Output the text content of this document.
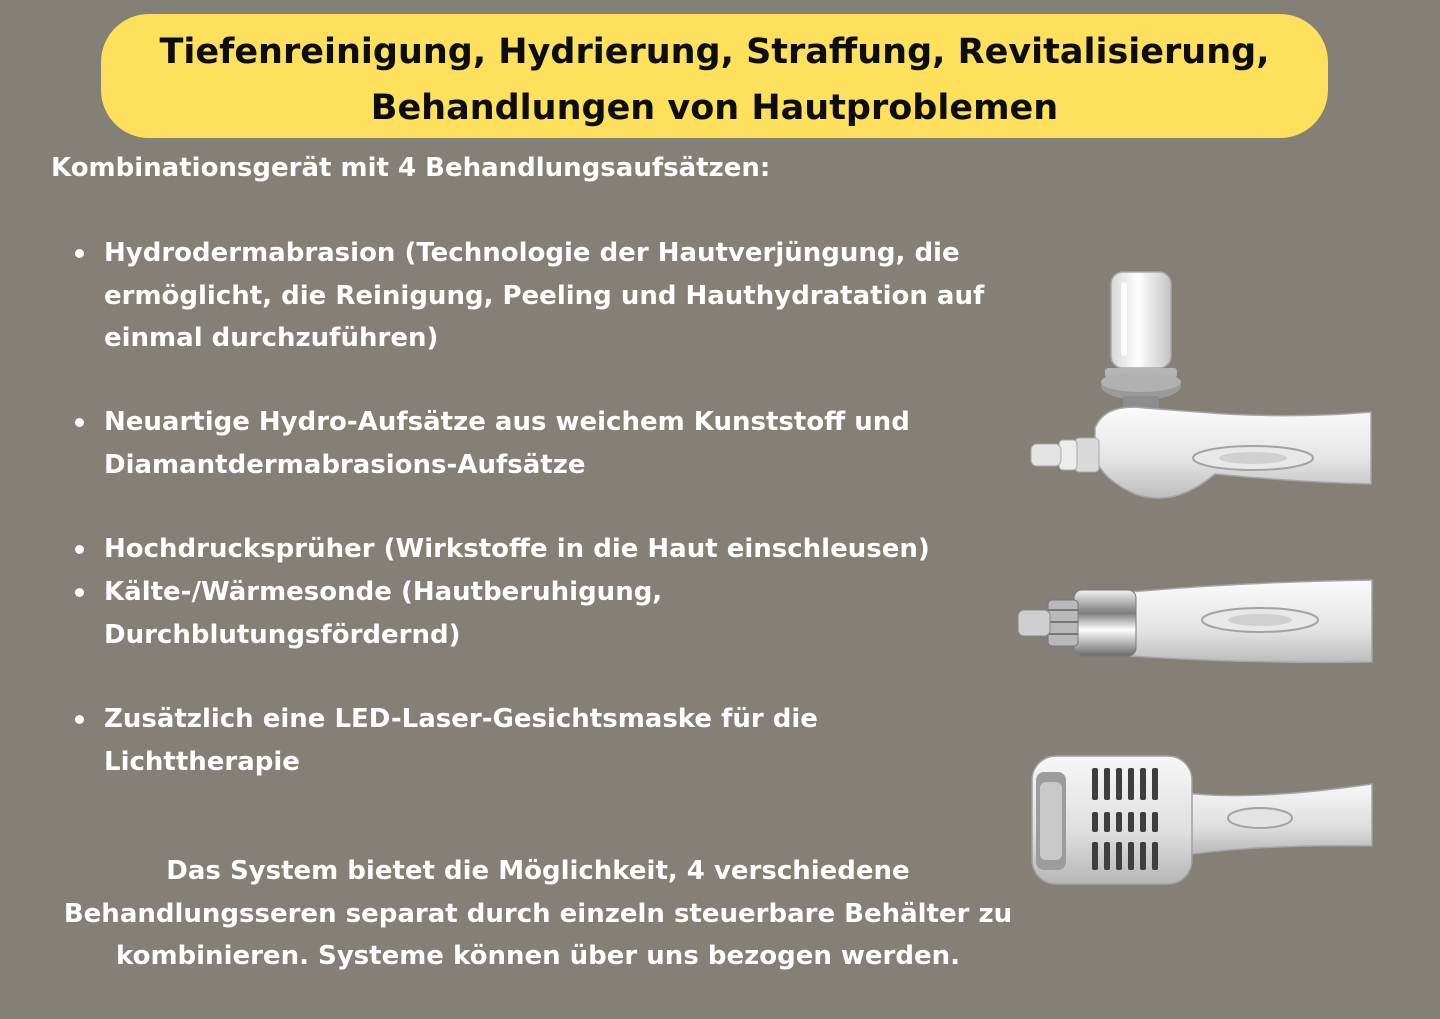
Tiefenreinigung, Hydrierung, Straffung, Revitalisierung,
Behandlungen von Hautproblemen
Kombinationsgerät mit 4 Behandlungsaufsätzen:
Hydrodermabrasion (Technologie der Hautverjüngung, die
ermöglicht, die Reinigung, Peeling und Hauthydratation auf
einmal durchzuführen)
Neuartige Hydro-Aufsätze aus weichem Kunststoff und
Diamantdermabrasions-Aufsätze
Hochdrucksprüher (Wirkstoffe in die Haut einschleusen)
Kälte-/Wärmesonde (Hautberuhigung,
Durchblutungsfördernd)
Zusätzlich eine LED-Laser-Gesichtsmaske für die
Lichttherapie
Das System bietet die Möglichkeit, 4 verschiedene
Behandlungsseren separat durch einzeln steuerbare Behälter zu
kombinieren. Systeme können über uns bezogen werden.
